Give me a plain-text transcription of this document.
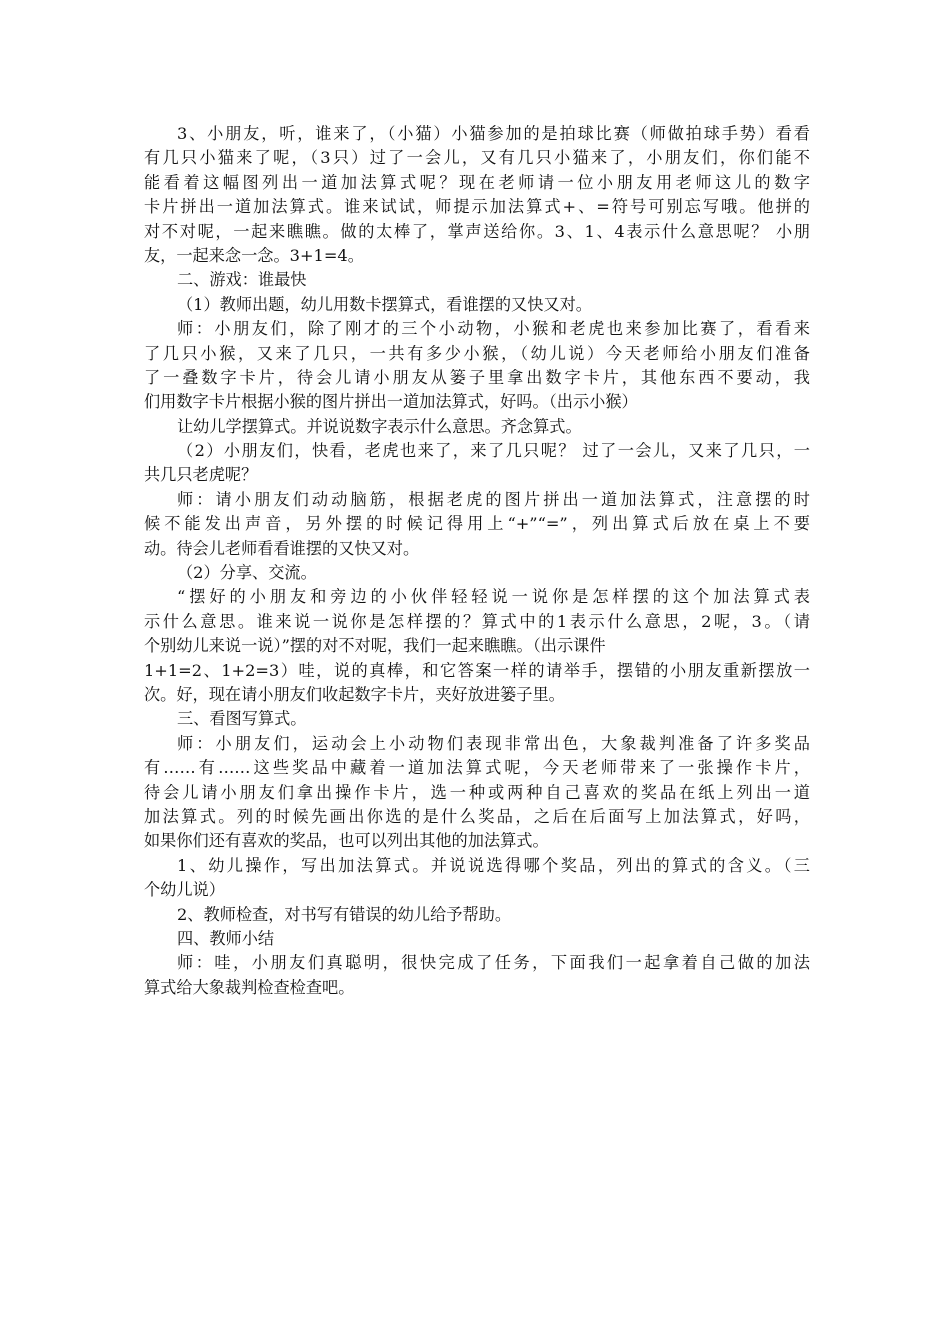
3、小朋友，听，谁来了，（小猫）小猫参加的是拍球比赛（师做拍球手势）看看
有几只小猫来了呢，（3只）过了一会儿，又有几只小猫来了，小朋友们，你们能不
能看着这幅图列出一道加法算式呢？现在老师请一位小朋友用老师这儿的数字
卡片拼出一道加法算式。谁来试试，师提示加法算式+、=符号可别忘写哦。他拼的
对不对呢，一起来瞧瞧。做的太棒了，掌声送给你。3、1、4表示什么意思呢？ 小朋
友，一起来念一念。3+1=4。
二、游戏：谁最快
（1）教师出题，幼儿用数卡摆算式，看谁摆的又快又对。
师：小朋友们，除了刚才的三个小动物，小猴和老虎也来参加比赛了，看看来
了几只小猴，又来了几只，一共有多少小猴，（幼儿说）今天老师给小朋友们准备
了一叠数字卡片，待会儿请小朋友从篓子里拿出数字卡片，其他东西不要动，我
们用数字卡片根据小猴的图片拼出一道加法算式，好吗。（出示小猴）
让幼儿学摆算式。并说说数字表示什么意思。齐念算式。
（2）小朋友们，快看，老虎也来了，来了几只呢？ 过了一会儿，又来了几只，一
共几只老虎呢？
师：请小朋友们动动脑筋，根据老虎的图片拼出一道加法算式，注意摆的时
候不能发出声音，另外摆的时候记得用上“+”“=”，列出算式后放在桌上不要
动。待会儿老师看看谁摆的又快又对。
（2）分享、交流。
“摆好的小朋友和旁边的小伙伴轻轻说一说你是怎样摆的这个加法算式表
示什么意思。谁来说一说你是怎样摆的？算式中的1表示什么意思，2呢，3。（请
个别幼儿来说一说）”摆的对不对呢，我们一起来瞧瞧。（出示课件
1+1=2、1+2=3）哇，说的真棒，和它答案一样的请举手，摆错的小朋友重新摆放一
次。好，现在请小朋友们收起数字卡片，夹好放进篓子里。
三、看图写算式。
师：小朋友们，运动会上小动物们表现非常出色，大象裁判准备了许多奖品
有……有……这些奖品中藏着一道加法算式呢，今天老师带来了一张操作卡片，
待会儿请小朋友们拿出操作卡片，选一种或两种自己喜欢的奖品在纸上列出一道
加法算式。列的时候先画出你选的是什么奖品，之后在后面写上加法算式，好吗，
如果你们还有喜欢的奖品，也可以列出其他的加法算式。
1、幼儿操作，写出加法算式。并说说选得哪个奖品，列出的算式的含义。（三
个幼儿说）
2、教师检查，对书写有错误的幼儿给予帮助。
四、教师小结
师：哇，小朋友们真聪明，很快完成了任务，下面我们一起拿着自己做的加法
算式给大象裁判检查检查吧。
